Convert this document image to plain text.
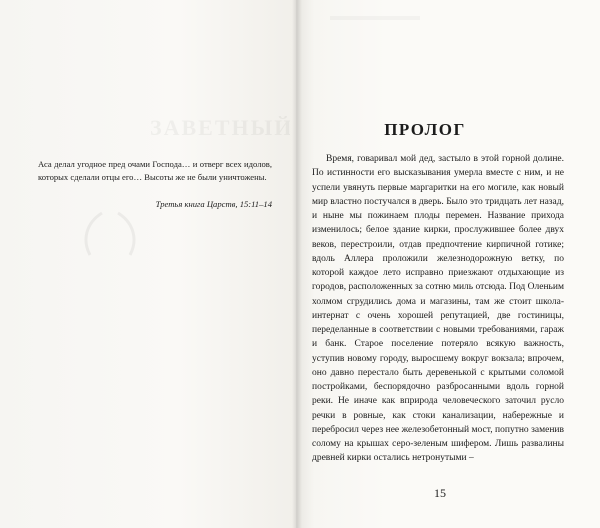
Аса делал угодное пред очами Господа… и отверг всех идолов, которых сделали отцы его… Высоты же не были уничтожены.
Третья книга Царств, 15:11–14
ПРОЛОГ
Время, говаривал мой дед, застыло в этой горной долине. По истинности его высказывания умерла вместе с ним, и не успели увянуть первые маргаритки на его могиле, как новый мир властно постучался в дверь. Было это тридцать лет назад, и ныне мы пожинаем плоды перемен. Название прихода изменилось; белое здание кирки, прослужившее более двух веков, перестроили, отдав предпочтение кирпичной готике; вдоль Аллера проложили железнодорожную ветку, по которой каждое лето исправно приезжают отдыхающие из городов, расположенных за сотню миль отсюда. Под Оленьим холмом сгрудились дома и магазины, там же стоит школа-интернат с очень хорошей репутацией, две гостиницы, переделанные в соответствии с новыми требованиями, гараж и банк. Старое поселение потеряло всякую важность, уступив новому городу, выросшему вокруг вокзала; впрочем, оно давно перестало быть деревенькой с крытыми соломой постройками, беспорядочно разбросанными вдоль горной реки. Не иначе как вприрода человеческого заточил русло речки в ровные, как стоки канализации, набережные и перебросил через нее железобетонный мост, попутно заменив солому на крышах серо-зеленым шифером. Лишь развалины древней кирки остались нетронутыми –
15
